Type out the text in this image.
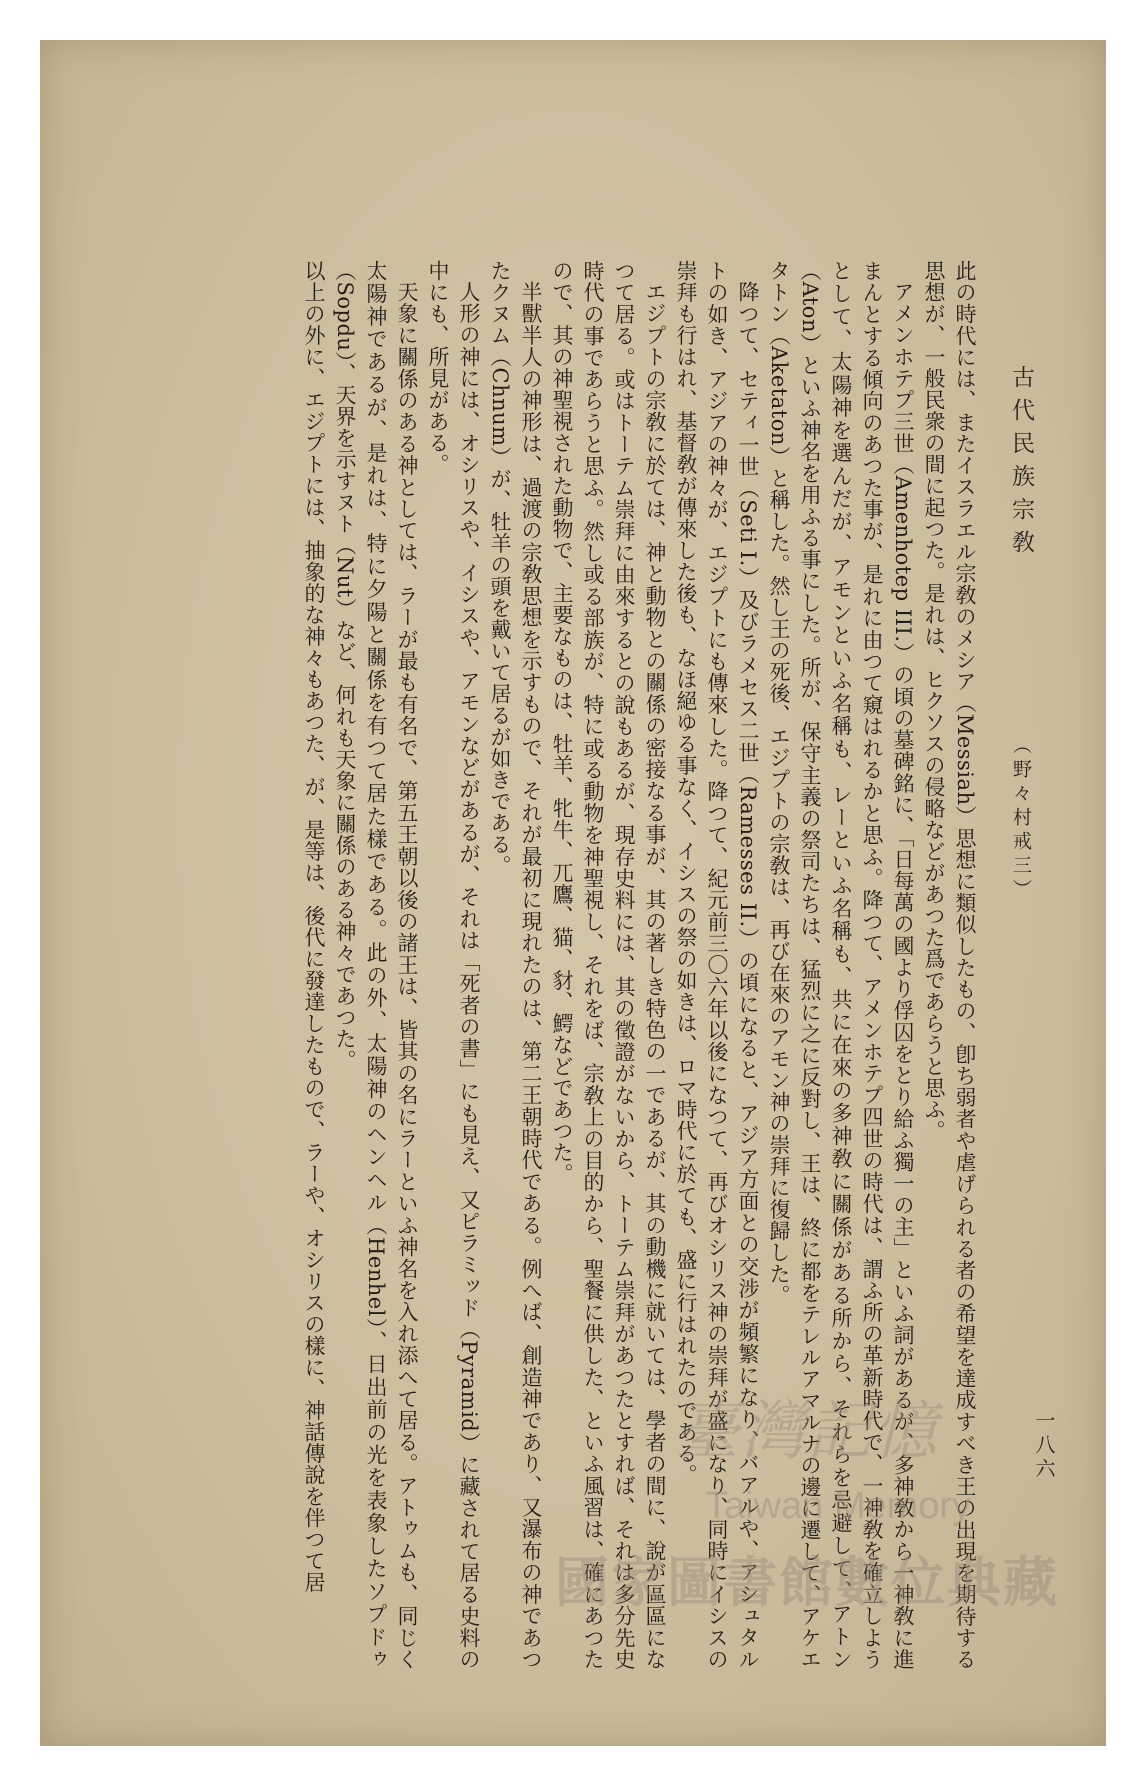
古代民族宗敎
（野々村戒三）
一八六

此の時代には、またイスラエル宗敎のメシア（Messiah）思想に類似したもの、卽ち弱者や虐げられる者の希望を達成すべき王の出現を期待する思想が、一般民衆の間に起つた。是れは、ヒクソスの侵略などがあつた爲であらうと思ふ。

アメンホテプ三世（Amenhotep III.）の頃の墓碑銘に、「日每萬の國より俘囚をとり給ふ獨一の主」といふ詞があるが、多神敎から一神敎に進まんとする傾向のあつた事が、是れに由つて窺はれるかと思ふ。降つて、アメンホテプ四世の時代は、謂ふ所の革新時代で、一神敎を確立しようとして、太陽神を選んだが、アモンといふ名稱も、レーといふ名稱も、共に在來の多神敎に關係がある所から、それらを忌避して、アトン（Aton）といふ神名を用ふる事にした。所が、保守主義の祭司たちは、猛烈に之に反對し、王は、終に都をテレルアマルナの邊に遷して、アケエタトン（Aketaton）と稱した。然し王の死後、エジプトの宗敎は、再び在來のアモン神の崇拜に復歸した。

降つて、セティ一世（Seti I.）及びラメセス二世（Ramesses II.）の頃になると、アジア方面との交涉が頻繁になり、バアルや、アシュタルトの如き、アジアの神々が、エジプトにも傳來した。降つて、紀元前三〇六年以後になつて、再びオシリス神の崇拜が盛になり、同時にイシスの崇拜も行はれ、基督敎が傳來した後も、なほ絕ゆる事なく、イシスの祭の如きは、ロマ時代に於ても、盛に行はれたのである。

エジプトの宗敎に於ては、神と動物との關係の密接なる事が、其の著しき特色の一であるが、其の動機に就いては、學者の間に、說が區區になつて居る。或はトーテム崇拜に由來するとの說もあるが、現存史料には、其の徵證がないから、トーテム崇拜があつたとすれば、それは多分先史時代の事であらうと思ふ。然し或る部族が、特に或る動物を神聖視し、それをば、宗敎上の目的から、聖餐に供した、といふ風習は、確にあつたので、其の神聖視された動物で、主要なものは、牡羊、牝牛、兀鷹、猫、豺、鰐などであつた。

半獸半人の神形は、過渡の宗敎思想を示すもので、それが最初に現れたのは、第二王朝時代である。例へば、創造神であり、又瀑布の神であつたクヌム（Chnum）が、牡羊の頭を戴いて居るが如きである。

人形の神には、オシリスや、イシスや、アモンなどがあるが、それは「死者の書」にも見え、又ピラミッド（Pyramid）に藏されて居る史料の中にも、所見がある。

天象に關係のある神としては、ラーが最も有名で、第五王朝以後の諸王は、皆其の名にラーといふ神名を入れ添へて居る。アトゥムも、同じく太陽神であるが、是れは、特に夕陽と關係を有つて居た樣である。此の外、太陽神のヘンヘル（Henhel）、日出前の光を表象したソプドゥ（Sopdu）、天界を示すヌト（Nut）など、何れも天象に關係のある神々であつた。

以上の外に、エジプトには、抽象的な神々もあつた、が、是等は、後代に發達したもので、ラーや、オシリスの樣に、神話傳說を伴つて居	臺灣記憶
Taiwan Memory
國家圖書館數位典藏
